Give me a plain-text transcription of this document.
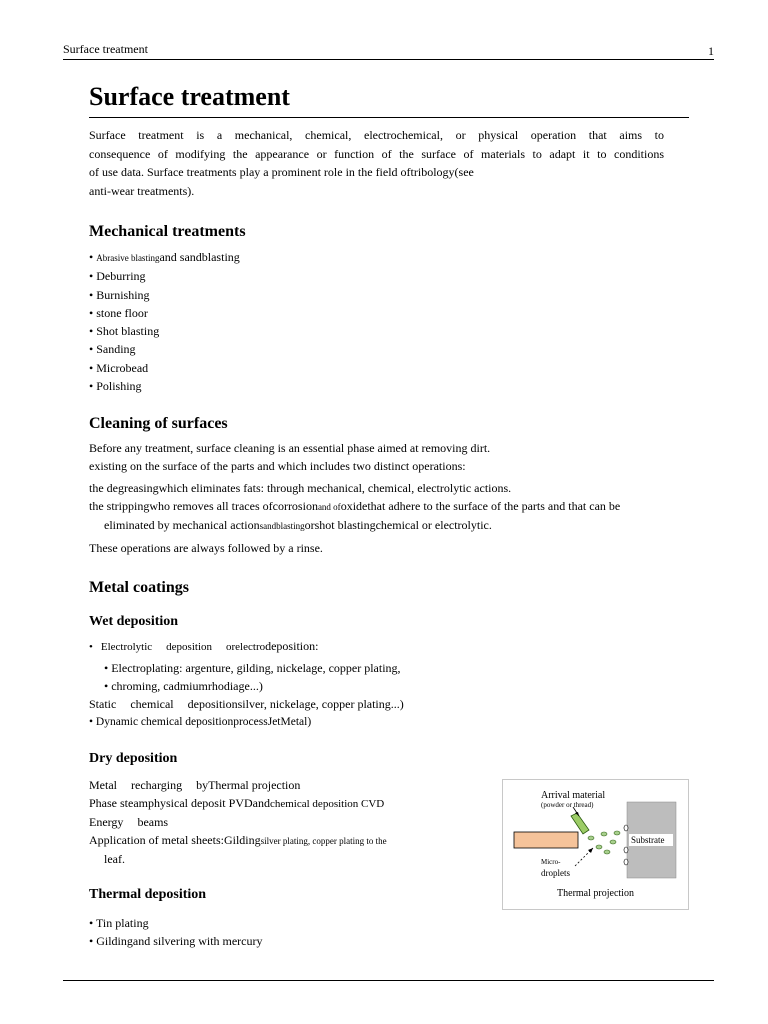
Surface treatment	1
Surface treatment
Surface treatment is a mechanical, chemical, electrochemical, or physical operation that aims to
consequence of modifying the appearance or function of the surface of materials to adapt it to conditions
of use data. Surface treatments play a prominent role in the field oftribology(see
anti-wear treatments).
Mechanical treatments
• Abrasive blastingand sandblasting
• Deburring
• Burnishing
• stone floor
• Shot blasting
• Sanding
• Microbead
• Polishing
Cleaning of surfaces
Before any treatment, surface cleaning is an essential phase aimed at removing dirt.
existing on the surface of the parts and which includes two distinct operations:
the degreasingwhich eliminates fats: through mechanical, chemical, electrolytic actions.
the strippingwho removes all traces ofcorrosionand ofoxidethat adhere to the surface of the parts and that can be
eliminated by mechanical actionsandblastingorshot blastingchemical or electrolytic.
These operations are always followed by a rinse.
Metal coatings
Wet deposition
• Electrolytic deposition orelectrodeposition:
• Electroplating: argenture, gilding, nickelage, copper plating,
• chroming, cadmiumrhodiage...)
Static chemical depositionsilver, nickelage, copper plating...)
• Dynamic chemical depositionprocessJetMetal)
Dry deposition
Metal recharging byThermal projection
Phase steamphysical deposit PVDandchemical deposition CVD
Energy beams
Application of metal sheets:Gildingsilver plating, copper plating to the
leaf.
Thermal deposition
• Tin plating
• Gildingand silvering with mercury
Substrate
Arrival material
(powder or thread)
Micro-
droplets
Thermal projection
